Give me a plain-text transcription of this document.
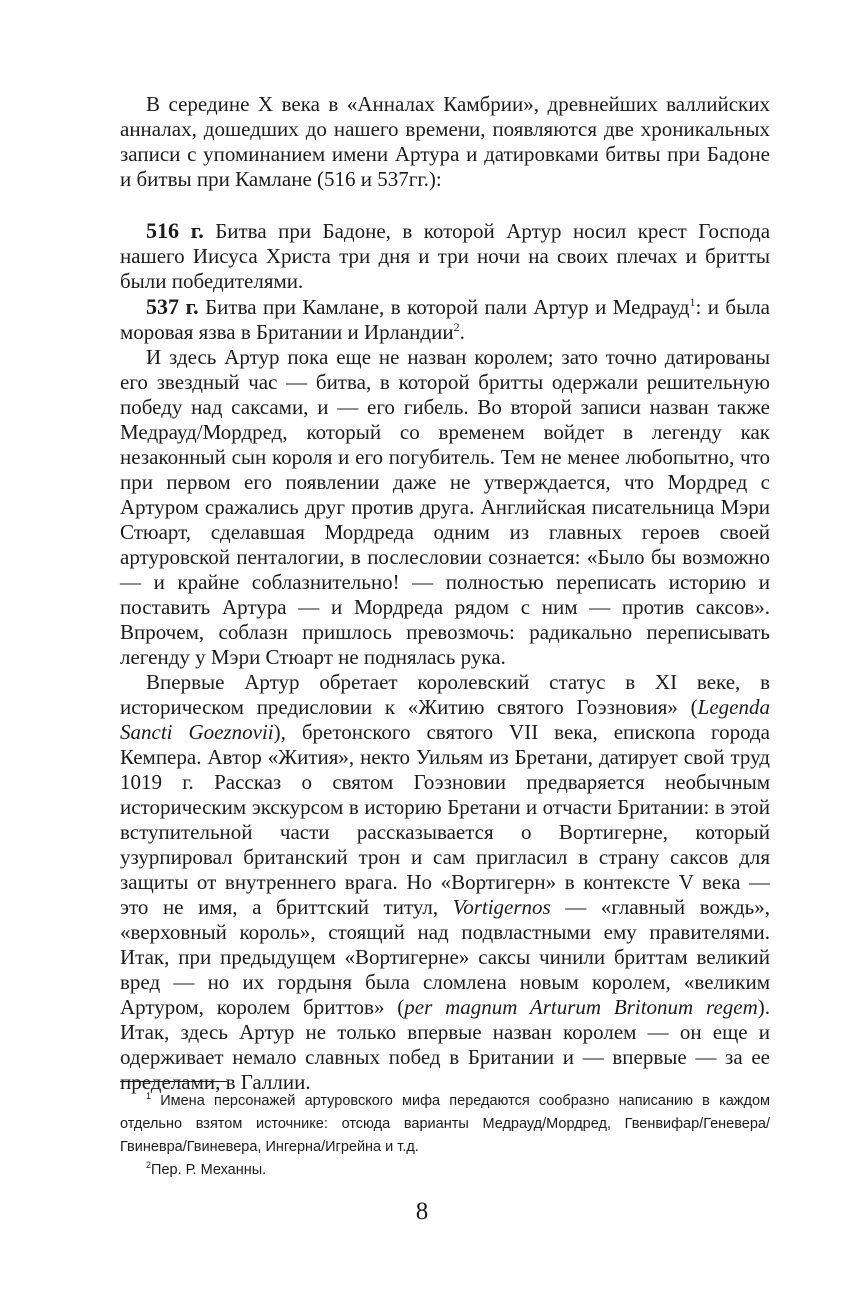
В середине X века в «Анналах Камбрии», древнейших валлийских анналах, дошедших до нашего времени, появляются две хроникальных записи с упоминанием имени Артура и датировками битвы при Бадоне и битвы при Камлане (516 и 537гг.):

516 г. Битва при Бадоне, в которой Артур носил крест Господа нашего Иисуса Христа три дня и три ночи на своих плечах и бритты были победителями.

537 г. Битва при Камлане, в которой пали Артур и Медрауд$^1$: и была моровая язва в Британии и Ирландии$^2$.

И здесь Артур пока еще не назван королем; зато точно датированы его звездный час — битва, в которой бритты одержали решительную победу над саксами, и — его гибель. Во второй записи назван также Медрауд/Мордред, который со временем войдет в легенду как незаконный сын короля и его погубитель. Тем не менее любопытно, что при первом его появлении даже не утверждается, что Мордред с Артуром сражались друг против друга. Английская писательница Мэри Стюарт, сделавшая Мордреда одним из главных героев своей артуровской пенталогии, в послесловии сознается: «Было бы возможно — и крайне соблазнительно! — полностью переписать историю и поставить Артура — и Мордреда рядом с ним — против саксов». Впрочем, соблазн пришлось превозмочь: радикально переписывать легенду у Мэри Стюарт не поднялась рука.

Впервые Артур обретает королевский статус в XI веке, в историческом предисловии к «Житию святого Гоэзновия» (Legenda Sancti Goeznovii), бретонского святого VII века, епископа города Кемпера. Автор «Жития», некто Уильям из Бретани, датирует свой труд 1019 г. Рассказ о святом Гоэзновии предваряется необычным историческим экскурсом в историю Бретани и отчасти Британии: в этой вступительной части рассказывается о Вортигерне, который узурпировал британский трон и сам пригласил в страну саксов для защиты от внутреннего врага. Но «Вортигерн» в контексте V века — это не имя, а бриттский титул, Vortigernos — «главный вождь», «верховный король», стоящий над подвластными ему правителями. Итак, при предыдущем «Вортигерне» саксы чинили бриттам великий вред — но их гордыня была сломлена новым королем, «великим Артуром, королем бриттов» (per magnum Arturum Britonum regem). Итак, здесь Артур не только впервые назван королем — он еще и одерживает немало славных побед в Британии и — впервые — за ее пределами, в Галлии.

$^1$ Имена персонажей артуровского мифа передаются сообразно написанию в каждом отдельно взятом источнике: отсюда варианты Медрауд/Мордред, Гвенвифар/Геневера/ Гвиневра/Гвиневера, Ингерна/Игрейна и т.д.

$^2$Пер. Р. Механны.

8
